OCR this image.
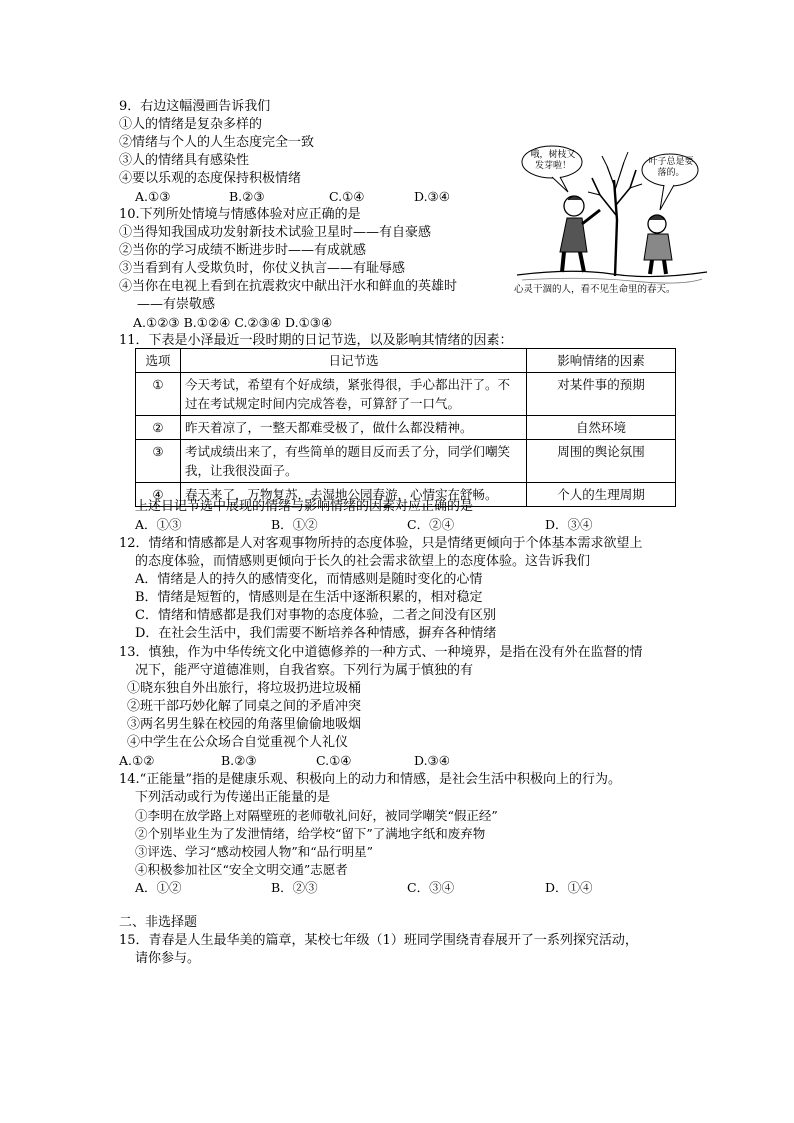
9．右边这幅漫画告诉我们
①人的情绪是复杂多样的
②情绪与个人的人生态度完全一致
③人的情绪具有感染性
④要以乐观的态度保持积极情绪
A.①③	B.②③	C.①④	D.③④
哦，树枝又发芽啦！	叶子总是要落的。
心灵干涸的人，看不见生命里的春天。
10.下列所处情境与情感体验对应正确的是
①当得知我国成功发射新技术试验卫星时——有自豪感
②当你的学习成绩不断进步时——有成就感
③当看到有人受欺负时，你仗义执言——有耻辱感
④当你在电视上看到在抗震救灾中献出汗水和鲜血的英雄时
——有崇敬感
A.①②③ B.①②④ C.②③④ D.①③④
11．下表是小泽最近一段时期的日记节选，以及影响其情绪的因素：
选项	日记节选	影响情绪的因素
①	今天考试，希望有个好成绩，紧张得很，手心都出汗了。不过在考试规定时间内完成答卷，可算舒了一口气。	对某件事的预期
②	昨天着凉了，一整天都难受极了，做什么都没精神。	自然环境
③	考试成绩出来了，有些简单的题目反而丢了分，同学们嘲笑我，让我很没面子。	周围的舆论氛围
④	春天来了，万物复苏，去湿地公园春游，心情实在舒畅。	个人的生理周期
上述日记节选中展现的情绪与影响情绪的因素对应正确的是
A．①③	B．①②	C．②④	D．③④
12．情绪和情感都是人对客观事物所持的态度体验，只是情绪更倾向于个体基本需求欲望上
的态度体验，而情感则更倾向于长久的社会需求欲望上的态度体验。这告诉我们
A．情绪是人的持久的感情变化，而情感则是随时变化的心情
B．情绪是短暂的，情感则是在生活中逐渐积累的，相对稳定
C．情绪和情感都是我们对事物的态度体验，二者之间没有区别
D．在社会生活中，我们需要不断培养各种情感，摒弃各种情绪
13．慎独，作为中华传统文化中道德修养的一种方式、一种境界，是指在没有外在监督的情
况下，能严守道德准则，自我省察。下列行为属于慎独的有
①晓东独自外出旅行，将垃圾扔进垃圾桶
②班干部巧妙化解了同桌之间的矛盾冲突
③两名男生躲在校园的角落里偷偷地吸烟
④中学生在公众场合自觉重视个人礼仪
A.①②	B.②③	C.①④	D.③④
14.“正能量”指的是健康乐观、积极向上的动力和情感，是社会生活中积极向上的行为。
下列活动或行为传递出正能量的是
①李明在放学路上对隔壁班的老师敬礼问好，被同学嘲笑“假正经”
②个别毕业生为了发泄情绪，给学校“留下”了满地字纸和废弃物
③评选、学习“感动校园人物”和“品行明星”
④积极参加社区“安全文明交通”志愿者
A．①②	B．②③	C．③④	D．①④
二、非选择题
15．青春是人生最华美的篇章，某校七年级（1）班同学围绕青春展开了一系列探究活动，
请你参与。
